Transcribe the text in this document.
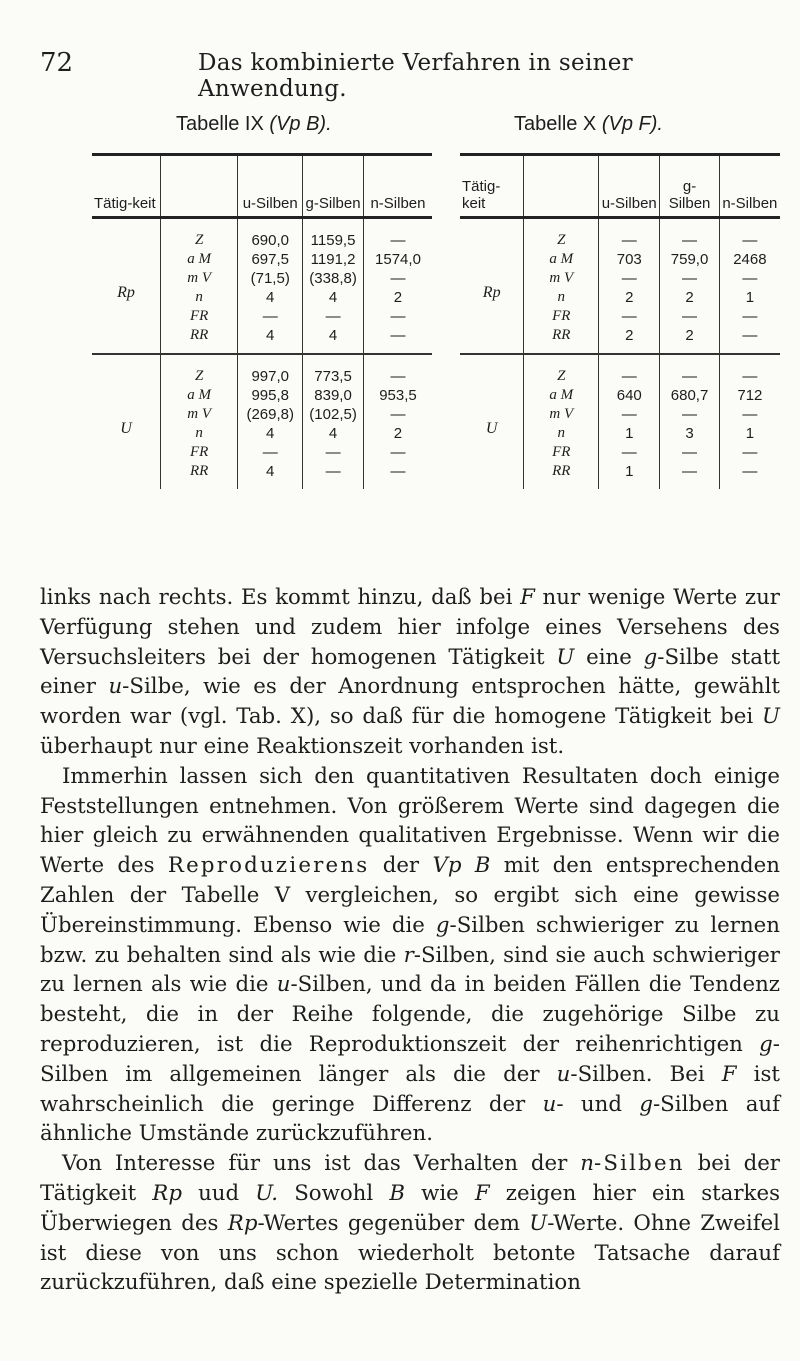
72	Das kombinierte Verfahren in seiner Anwendung.
Tabelle IX (Vp B).	Tabelle X (Vp F).
Tätig-keit		u-Silben	g-Silben	n-Silben
Rp	Z	690,0	1159,5	—
	a M	697,5	1191,2	1574,0
	m V	(71,5)	(338,8)	—
	n	4	4	2
	FR	—	—	—
	RR	4	4	—
U	Z	997,0	773,5	—
	a M	995,8	839,0	953,5
	m V	(269,8)	(102,5)	—
	n	4	4	2
	FR	—	—	—
	RR	4	—	—
Tätig-keit		u-Silben	g-Silben	n-Silben
Rp	Z	—	—	—
	a M	703	759,0	2468
	m V	—	—	—
	n	2	2	1
	FR	—	—	—
	RR	2	2	—
U	Z	—	—	—
	a M	640	680,7	712
	m V	—	—	—
	n	1	3	1
	FR	—	—	—
	RR	1	—	—

links nach rechts. Es kommt hinzu, daß bei F nur wenige Werte zur Verfügung stehen und zudem hier infolge eines Versehens des Versuchsleiters bei der homogenen Tätigkeit U eine g-Silbe statt einer u-Silbe, wie es der Anordnung entsprochen hätte, gewählt worden war (vgl. Tab. X), so daß für die homogene Tätigkeit bei U überhaupt nur eine Reaktionszeit vorhanden ist.

Immerhin lassen sich den quantitativen Resultaten doch einige Feststellungen entnehmen. Von größerem Werte sind dagegen die hier gleich zu erwähnenden qualitativen Ergebnisse. Wenn wir die Werte des Reproduzierens der Vp B mit den entsprechenden Zahlen der Tabelle V vergleichen, so ergibt sich eine gewisse Übereinstimmung. Ebenso wie die g-Silben schwieriger zu lernen bzw. zu behalten sind als wie die r-Silben, sind sie auch schwieriger zu lernen als wie die u-Silben, und da in beiden Fällen die Tendenz besteht, die in der Reihe folgende, die zugehörige Silbe zu reproduzieren, ist die Reproduktionszeit der reihenrichtigen g-Silben im allgemeinen länger als die der u-Silben. Bei F ist wahrscheinlich die geringe Differenz der u- und g-Silben auf ähnliche Umstände zurückzuführen.

Von Interesse für uns ist das Verhalten der n-Silben bei der Tätigkeit Rp uud U. Sowohl B wie F zeigen hier ein starkes Überwiegen des Rp-Wertes gegenüber dem U-Werte. Ohne Zweifel ist diese von uns schon wiederholt betonte Tatsache darauf zurückzuführen, daß eine spezielle Determination
